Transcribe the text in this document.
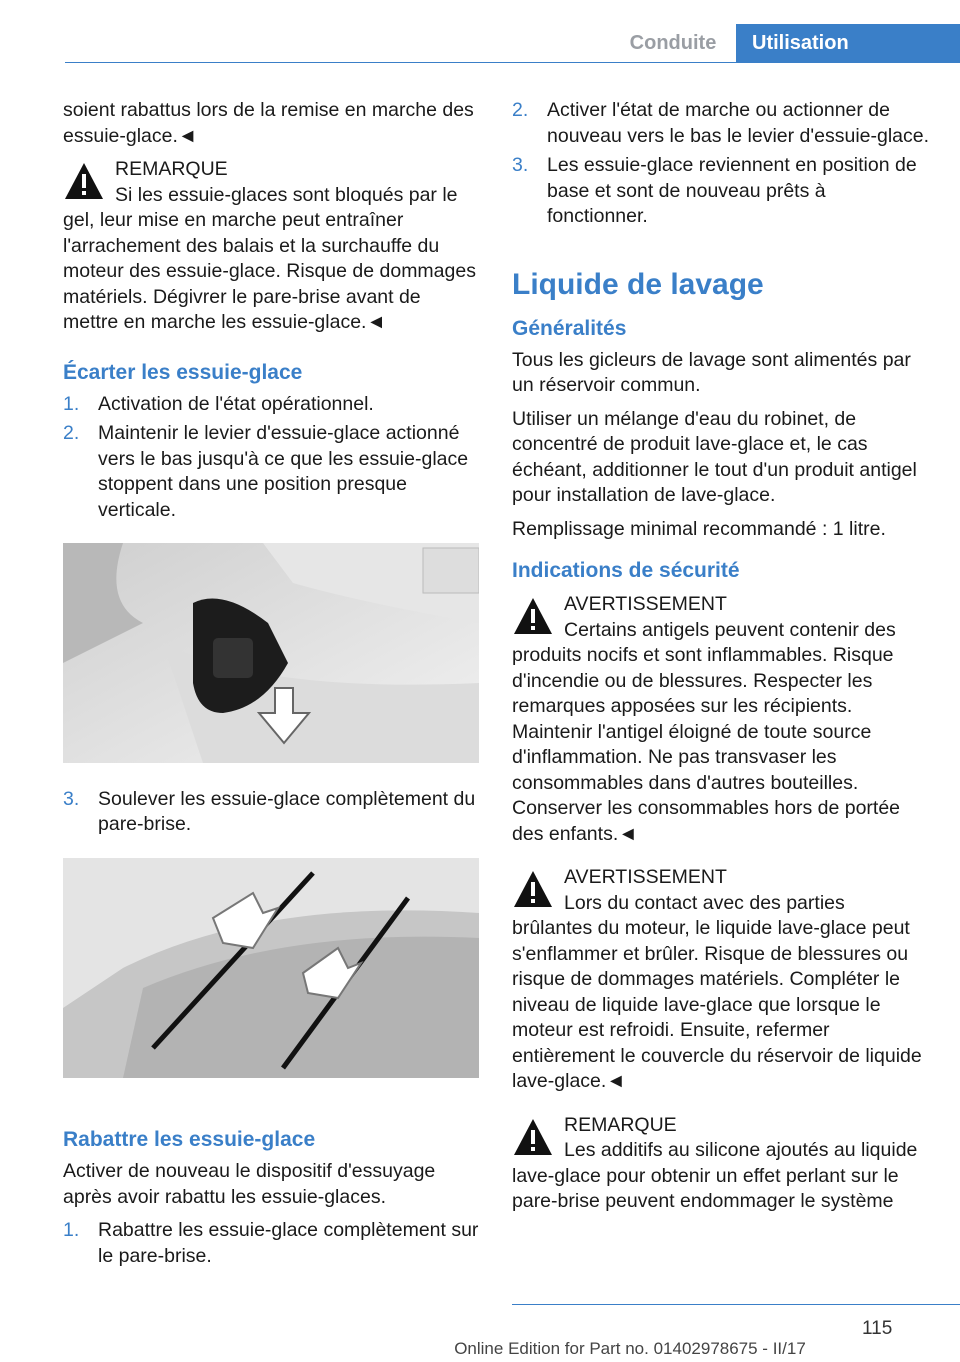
Conduite	Utilisation

soient rabattus lors de la remise en marche des essuie-glace.◄

REMARQUE
Si les essuie-glaces sont bloqués par le gel, leur mise en marche peut entraîner l'arrachement des balais et la surchauffe du moteur des essuie-glace. Risque de dommages matériels. Dégivrer le pare-brise avant de mettre en marche les essuie-glace.◄
Écarter les essuie-glace
1. Activation de l'état opérationnel.
2. Maintenir le levier d'essuie-glace actionné vers le bas jusqu'à ce que les essuie-glace stoppent dans une position presque verticale.
3. Soulever les essuie-glace complètement du pare-brise.
Rabattre les essuie-glace

Activer de nouveau le dispositif d'essuyage après avoir rabattu les essuie-glaces.

1. Rabattre les essuie-glace complètement sur le pare-brise.
2. Activer l'état de marche ou actionner de nouveau vers le bas le levier d'essuie-glace.
3. Les essuie-glace reviennent en position de base et sont de nouveau prêts à fonctionner.
Liquide de lavage
Généralités

Tous les gicleurs de lavage sont alimentés par un réservoir commun.

Utiliser un mélange d'eau du robinet, de concentré de produit lave-glace et, le cas échéant, additionner le tout d'un produit antigel pour installation de lave-glace.

Remplissage minimal recommandé : 1 litre.

Indications de sécurité
AVERTISSEMENT
Certains antigels peuvent contenir des produits nocifs et sont inflammables. Risque d'incendie ou de blessures. Respecter les remarques apposées sur les récipients. Maintenir l'antigel éloigné de toute source d'inflammation. Ne pas transvaser les consommables dans d'autres bouteilles. Conserver les consommables hors de portée des enfants.◄
AVERTISSEMENT
Lors du contact avec des parties brûlantes du moteur, le liquide lave-glace peut s'enflammer et brûler. Risque de blessures ou risque de dommages matériels. Compléter le niveau de liquide lave-glace que lorsque le moteur est refroidi. Ensuite, refermer entièrement le couvercle du réservoir de liquide lave-glace.◄
REMARQUE
Les additifs au silicone ajoutés au liquide lave-glace pour obtenir un effet perlant sur le pare-brise peuvent endommager le système
115
Online Edition for Part no. 01402978675 - II/17
